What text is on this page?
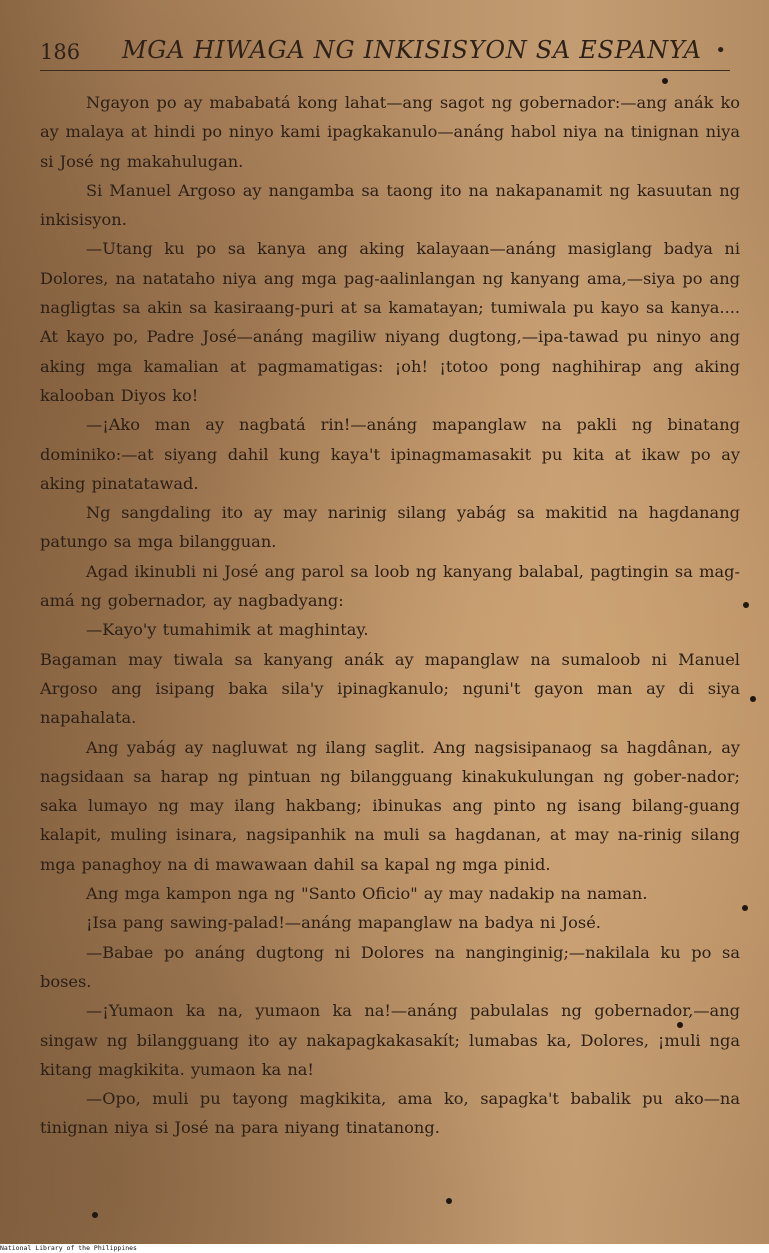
186 MGA HIWAGA NG INKISISYON SA ESPANYA •

Ngayon po ay mababatá kong lahat—ang sagot ng gobernador:—ang anák ko ay malaya at hindi po ninyo kami ipagkakanulo—anáng habol niya na tinignan niya si José ng makahulugan.

Si Manuel Argoso ay nangamba sa taong ito na nakapanamit ng kasuutan ng inkisisyon.

—Utang ku po sa kanya ang aking kalayaan—anáng masiglang badya ni Dolores, na natataho niya ang mga pag-aalinlangan ng kanyang ama,—siya po ang nagligtas sa akin sa kasiraang-puri at sa kamatayan; tumiwala pu kayo sa kanya.... At kayo po, Padre José—anáng magiliw niyang dugtong,—ipa-tawad pu ninyo ang aking mga kamalian at pagmamatigas: ¡oh! ¡totoo pong naghihirap ang aking kalooban Diyos ko!

—¡Ako man ay nagbatá rin!—anáng mapanglaw na pakli ng binatang dominiko:—at siyang dahil kung kaya't ipinagmamasakit pu kita at ikaw po ay aking pinatatawad.

Ng sangdaling ito ay may narinig silang yabág sa makitid na hagdanang patungo sa mga bilangguan.

Agad ikinubli ni José ang parol sa loob ng kanyang balabal, pagtingin sa mag-amá ng gobernador, ay nagbadyang:

—Kayo'y tumahimik at maghintay.

Bagaman may tiwala sa kanyang anák ay mapanglaw na sumaloob ni Manuel Argoso ang isipang baka sila'y ipinagkanulo; nguni't gayon man ay di siya napahalata.

Ang yabág ay nagluwat ng ilang saglit. Ang nagsisipanaog sa hagdânan, ay nagsidaan sa harap ng pintuan ng bilangguang kinakukulungan ng gober-nador; saka lumayo ng may ilang hakbang; ibinukas ang pinto ng isang bilang-guang kalapit, muling isinara, nagsipanhik na muli sa hagdanan, at may na-rinig silang mga panaghoy na di mawawaan dahil sa kapal ng mga pinid.

Ang mga kampon nga ng "Santo Oficio" ay may nadakip na naman.

¡Isa pang sawing-palad!—anáng mapanglaw na badya ni José.

—Babae po anáng dugtong ni Dolores na nanginginig;—nakilala ku po sa boses.

—¡Yumaon ka na, yumaon ka na!—anáng pabulalas ng gobernador,—ang singaw ng bilangguang ito ay nakapagkakasakít; lumabas ka, Dolores, ¡muli nga kitang magkikita. yumaon ka na!

—Opo, muli pu tayong magkikita, ama ko, sapagka't babalik pu ako—na tinignan niya si José na para niyang tinatanong.

National Library of the Philippines
